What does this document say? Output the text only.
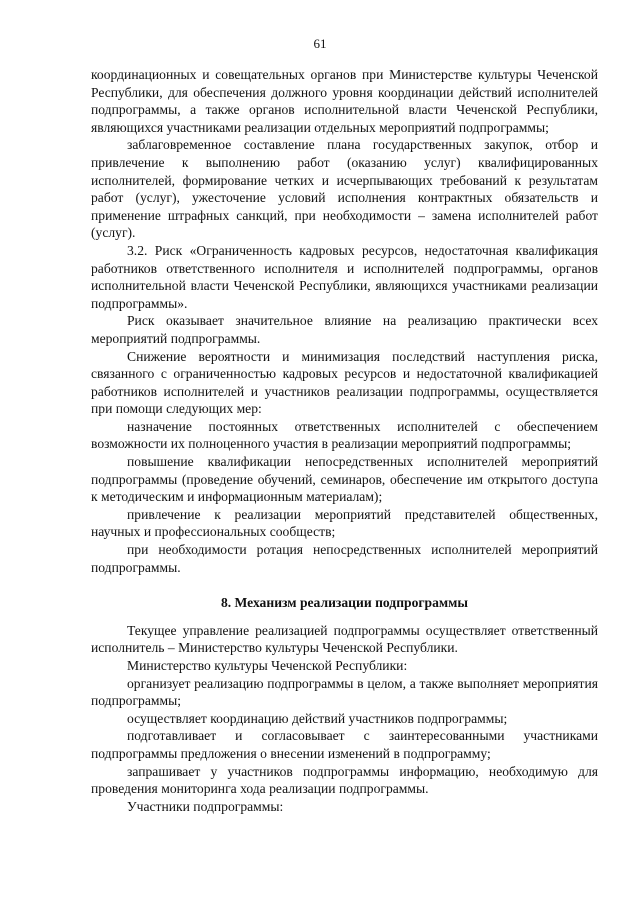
61

координационных и совещательных органов при Министерстве культуры Чеченской Республики, для обеспечения должного уровня координации действий исполнителей подпрограммы, а также органов исполнительной власти Чеченской Республики, являющихся участниками реализации отдельных мероприятий подпрограммы;

заблаговременное составление плана государственных закупок, отбор и привлечение к выполнению работ (оказанию услуг) квалифицированных исполнителей, формирование четких и исчерпывающих требований к результатам работ (услуг), ужесточение условий исполнения контрактных обязательств и применение штрафных санкций, при необходимости – замена исполнителей работ (услуг).

3.2. Риск «Ограниченность кадровых ресурсов, недостаточная квалификация работников ответственного исполнителя и исполнителей подпрограммы, органов исполнительной власти Чеченской Республики, являющихся участниками реализации подпрограммы».

Риск оказывает значительное влияние на реализацию практически всех мероприятий подпрограммы.

Снижение вероятности и минимизация последствий наступления риска, связанного с ограниченностью кадровых ресурсов и недостаточной квалификацией работников исполнителей и участников реализации подпрограммы, осуществляется при помощи следующих мер:

назначение постоянных ответственных исполнителей с обеспечением возможности их полноценного участия в реализации мероприятий подпрограммы;

повышение квалификации непосредственных исполнителей мероприятий подпрограммы (проведение обучений, семинаров, обеспечение им открытого доступа к методическим и информационным материалам);

привлечение к реализации мероприятий представителей общественных, научных и профессиональных сообществ;

при необходимости ротация непосредственных исполнителей мероприятий подпрограммы.

8. Механизм реализации подпрограммы

Текущее управление реализацией подпрограммы осуществляет ответственный исполнитель – Министерство культуры Чеченской Республики.

Министерство культуры Чеченской Республики:

организует реализацию подпрограммы в целом, а также выполняет мероприятия подпрограммы;

осуществляет координацию действий участников подпрограммы;

подготавливает и согласовывает с заинтересованными участниками подпрограммы предложения о внесении изменений в подпрограмму;

запрашивает у участников подпрограммы информацию, необходимую для проведения мониторинга хода реализации подпрограммы.

Участники подпрограммы:
